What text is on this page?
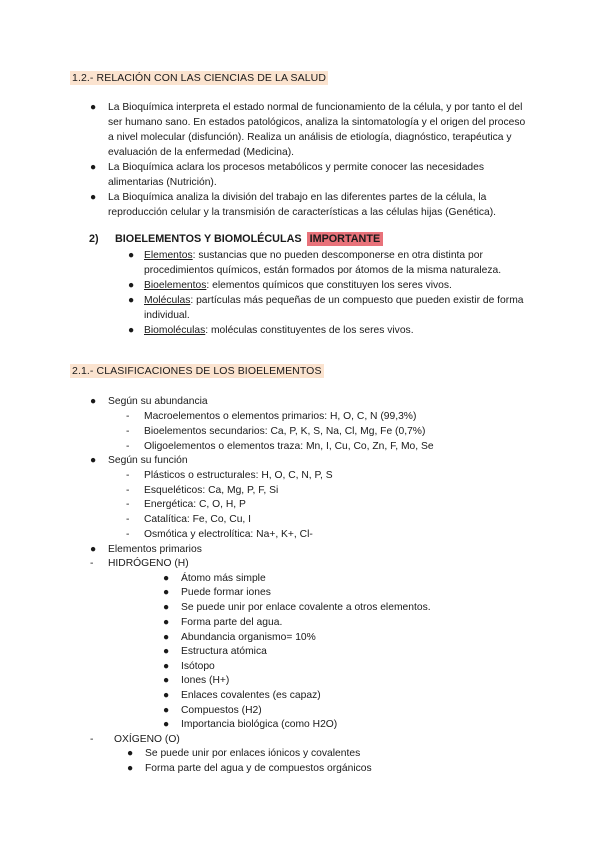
1.2.- RELACIÓN CON LAS CIENCIAS DE LA SALUD

● La Bioquímica interpreta el estado normal de funcionamiento de la célula, y por tanto el del ser humano sano. En estados patológicos, analiza la sintomatología y el origen del proceso a nivel molecular (disfunción). Realiza un análisis de etiología, diagnóstico, terapéutica y evaluación de la enfermedad (Medicina).

● La Bioquímica aclara los procesos metabólicos y permite conocer las necesidades alimentarias (Nutrición).

● La Bioquímica analiza la división del trabajo en las diferentes partes de la célula, la reproducción celular y la transmisión de características a las células hijas (Genética).

2) BIOELEMENTOS Y BIOMOLÉCULAS IMPORTANTE

● Elementos: sustancias que no pueden descomponerse en otra distinta por procedimientos químicos, están formados por átomos de la misma naturaleza.

● Bioelementos: elementos químicos que constituyen los seres vivos.

● Moléculas: partículas más pequeñas de un compuesto que pueden existir de forma individual.

● Biomoléculas: moléculas constituyentes de los seres vivos.

2.1.- CLASIFICACIONES DE LOS BIOELEMENTOS
● Según su abundancia
- Macroelementos o elementos primarios: H, O, C, N (99,3%)
- Bioelementos secundarios: Ca, P, K, S, Na, Cl, Mg, Fe (0,7%)
- Oligoelementos o elementos traza: Mn, I, Cu, Co, Zn, F, Mo, Se
● Según su función
- Plásticos o estructurales: H, O, C, N, P, S
- Esqueléticos: Ca, Mg, P, F, Si
- Energética: C, O, H, P
- Catalítica: Fe, Co, Cu, I
- Osmótica y electrolítica: Na+, K+, Cl-
● Elementos primarios
- HIDRÓGENO (H)
● Átomo más simple
● Puede formar iones
● Se puede unir por enlace covalente a otros elementos.
● Forma parte del agua.
● Abundancia organismo= 10%
● Estructura atómica
● Isótopo
● Iones (H+)
● Enlaces covalentes (es capaz)
● Compuestos (H2)
● Importancia biológica (como H2O)
- OXÍGENO (O)
● Se puede unir por enlaces iónicos y covalentes
● Forma parte del agua y de compuestos orgánicos
